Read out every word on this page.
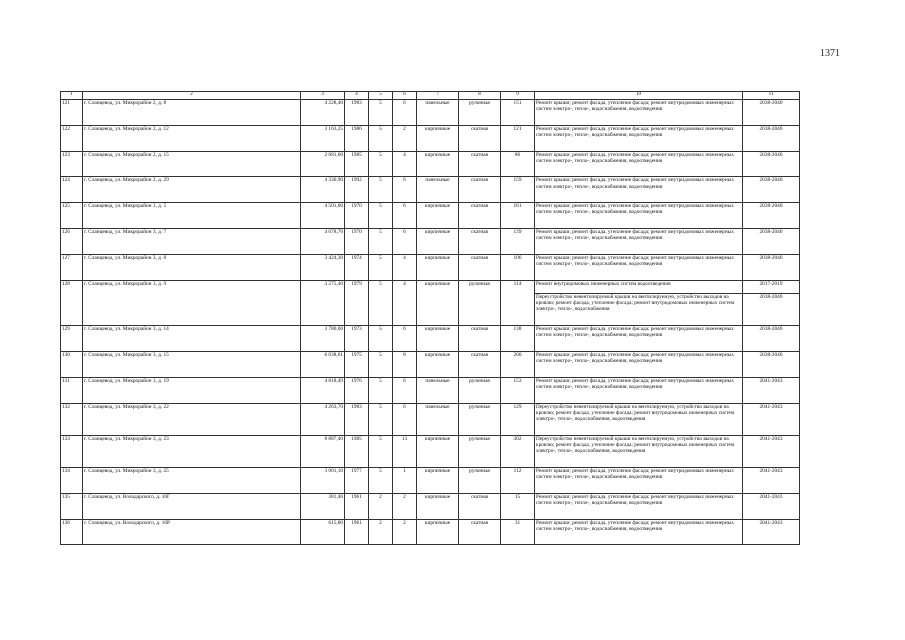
1371
1	2	3	4	5	6	7	8	9	10	11
121	г. Сланцевод, ул. Микрорайон 2, д. 8	4 228,40	1983	5	6	панельные	рулонная	151	Ремонт крыши; ремонт фасада, утепление фасада; ремонт внутридомовых инженерных систем электро-, тепло-, водоснабжения, водоотведения	2038-2040
122	г. Сланцевод, ул. Микрорайон 2, д. 12	3 163,25	1986	5	2	кирпичные	скатная	121	Ремонт крыши; ремонт фасада, утепление фасада; ремонт внутридомовых инженерных систем электро-, тепло-, водоснабжения, водоотведения	2038-2040
123	г. Сланцевод, ул. Микрорайон 2, д. 15	2 681,60	1985	5	4	кирпичные	скатная	86	Ремонт крыши; ремонт фасада, утепление фасада; ремонт внутридомовых инженерных систем электро-, тепло-, водоснабжения, водоотведения	2038-2040
124	г. Сланцевод, ул. Микрорайон 2, д. 29	4 330,90	1992	5	6	панельные	скатная	159	Ремонт крыши; ремонт фасада, утепление фасада; ремонт внутридомовых инженерных систем электро-, тепло-, водоснабжения, водоотведения	2038-2040
125	г. Сланцевод, ул. Микрорайон 3, д. 5	4 501,00	1970	5	6	кирпичные	скатная	161	Ремонт крыши; ремонт фасада, утепление фасада; ремонт внутридомовых инженерных систем электро-, тепло-, водоснабжения, водоотведения	2038-2040
126	г. Сланцевод, ул. Микрорайон 3, д. 7	4 078,70	1970	5	6	кирпичные	скатная	139	Ремонт крыши; ремонт фасада, утепление фасада; ремонт внутридомовых инженерных систем электро-, тепло-, водоснабжения, водоотведения	2038-2040
127	г. Сланцевод, ул. Микрорайон 3, д. 8	3 424,30	1974	5	4	кирпичные	скатная	106	Ремонт крыши; ремонт фасада, утепление фасада; ремонт внутридомовых инженерных систем электро-, тепло-, водоснабжения, водоотведения	2038-2040
128	г. Сланцевод, ул. Микрорайон 3, д. 9	3 275,40	1979	5	4	кирпичные	рулонная	114	Ремонт внутридомовых инженерных систем водоотведения	2017-2019
									Переустройство невентилируемой крыши на вентилируемую, устройство выходов на кровлю; ремонт фасада, утепление фасада; ремонт внутридомовых инженерных систем электро-, тепло-, водоснабжения	2038-2040
129	г. Сланцевод, ул. Микрорайон 3, д. 14	3 780,00	1973	5	6	кирпичные	скатная	138	Ремонт крыши; ремонт фасада, утепление фасада; ремонт внутридомовых инженерных систем электро-, тепло-, водоснабжения, водоотведения	2038-2040
130	г. Сланцевод, ул. Микрорайон 3, д. 15	6 038,61	1975	5	8	кирпичные	скатная	200	Ремонт крыши; ремонт фасада, утепление фасада; ремонт внутридомовых инженерных систем электро-, тепло-, водоснабжения, водоотведения	2038-2040
131	г. Сланцевод, ул. Микрорайон 3, д. 19	4 818,49	1976	5	6	панельные	рулонная	153	Ремонт крыши; ремонт фасада, утепление фасада; ремонт внутридомовых инженерных систем электро-, тепло-, водоснабжения, водоотведения	2041-2043
132	г. Сланцевод, ул. Микрорайон 3, д. 22	4 263,70	1983	5	6	панельные	рулонная	129	Переустройство невентилируемой крыши на вентилируемую, устройство выходов на кровлю; ремонт фасада, утепление фасада; ремонт внутридомовых инженерных систем электро-, тепло-, водоснабжения, водоотведения	2041-2043
133	г. Сланцевод, ул. Микрорайон 3, д. 23	8 887,40	1985	5	13	кирпичные	рулонная	302	Переустройство невентилируемой крыши на вентилируемую, устройство выходов на кровлю; ремонт фасада, утепление фасада; ремонт внутридомовых инженерных систем электро-, тепло-, водоснабжения, водоотведения	2041-2043
134	г. Сланцевод, ул. Микрорайон 3, д. 25	3 001,10	1977	5	1	кирпичные	рулонная	112	Ремонт крыши; ремонт фасада, утепление фасада; ремонт внутридомовых инженерных систем электро-, тепло-, водоснабжения, водоотведения	2041-2043
135	г. Сланцевод, ул. Володарского, д. 16Г	381,40	1961	2	2	кирпичные	скатная	15	Ремонт крыши; ремонт фасада, утепление фасада; ремонт внутридомовых инженерных систем электро-, тепло-, водоснабжения, водоотведения	2041-2043
136	г. Сланцевод, ул. Володарского, д. 16Р	615,80	1961	2	2	кирпичные	скатная	31	Ремонт крыши; ремонт фасада, утепление фасада; ремонт внутридомовых инженерных систем электро-, тепло-, водоснабжения, водоотведения	2041-2043
